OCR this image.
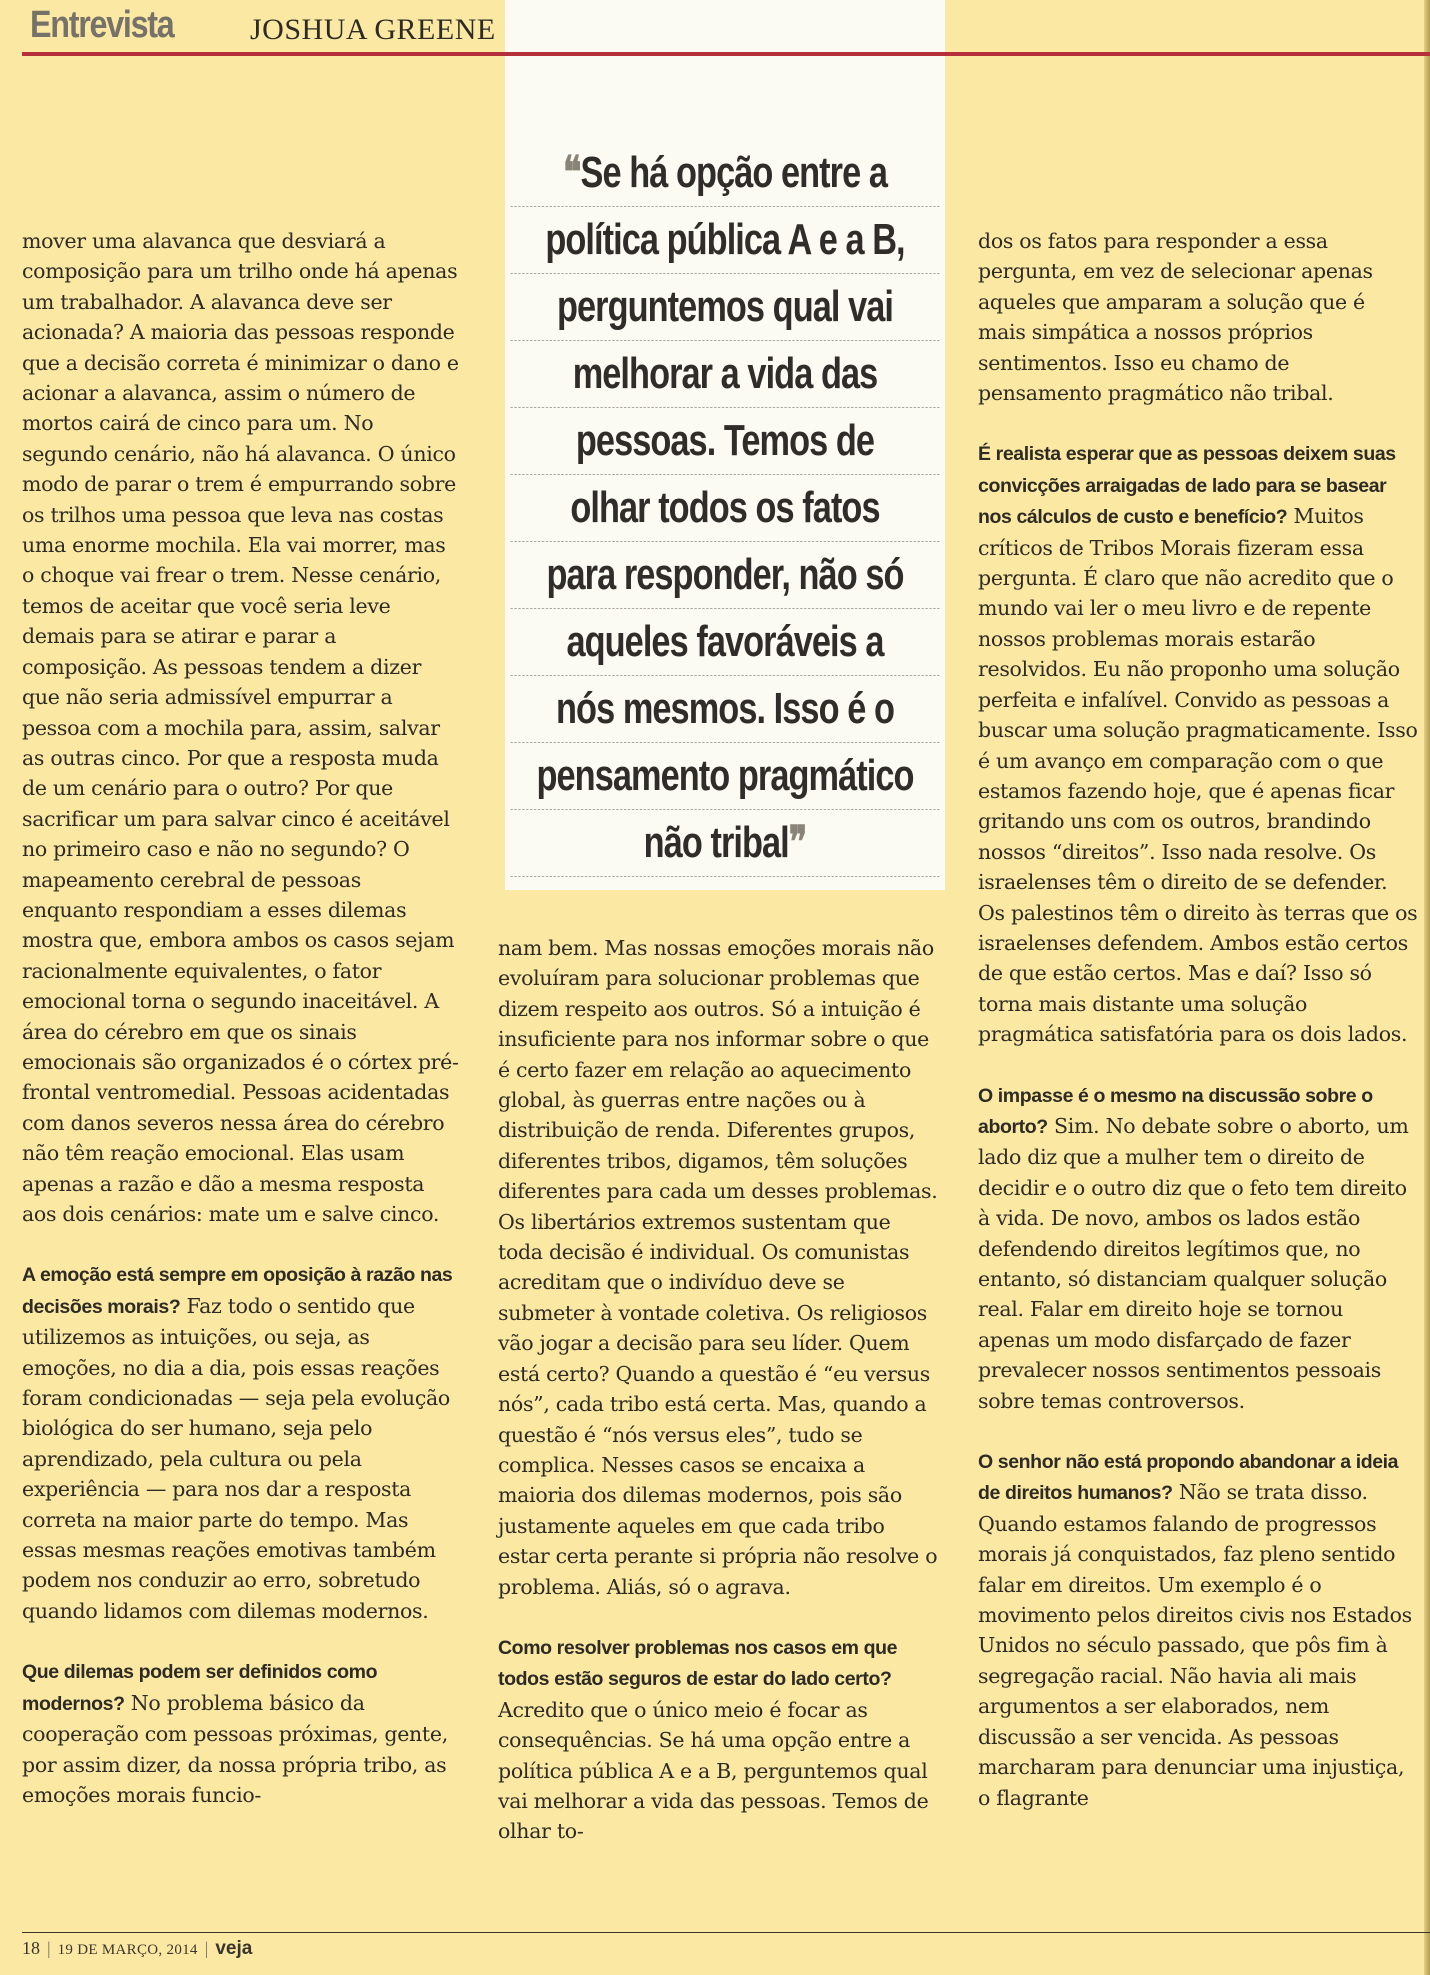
Entrevista	JOSHUA GREENE

mover uma alavanca que desviará a composição para um trilho onde há apenas um trabalhador. A alavanca deve ser acionada? A maioria das pessoas responde que a decisão correta é minimizar o dano e acionar a alavanca, assim o número de mortos cairá de cinco para um. No segundo cenário, não há alavanca. O único modo de parar o trem é empurrando sobre os trilhos uma pessoa que leva nas costas uma enorme mochila. Ela vai morrer, mas o choque vai frear o trem. Nesse cenário, temos de aceitar que você seria leve demais para se atirar e parar a composição. As pessoas tendem a dizer que não seria admissível empurrar a pessoa com a mochila para, assim, salvar as outras cinco. Por que a resposta muda de um cenário para o outro? Por que sacrificar um para salvar cinco é aceitável no primeiro caso e não no segundo? O mapeamento cerebral de pessoas enquanto respondiam a esses dilemas mostra que, embora ambos os casos sejam racionalmente equivalentes, o fator emocional torna o segundo inaceitável. A área do cérebro em que os sinais emocionais são organizados é o córtex pré-frontal ventromedial. Pessoas acidentadas com danos severos nessa área do cérebro não têm reação emocional. Elas usam apenas a razão e dão a mesma resposta aos dois cenários: mate um e salve cinco.

A emoção está sempre em oposição à razão nas decisões morais? Faz todo o sentido que utilizemos as intuições, ou seja, as emoções, no dia a dia, pois essas reações foram condicionadas — seja pela evolução biológica do ser humano, seja pelo aprendizado, pela cultura ou pela experiência — para nos dar a resposta correta na maior parte do tempo. Mas essas mesmas reações emotivas também podem nos conduzir ao erro, sobretudo quando lidamos com dilemas modernos.

Que dilemas podem ser definidos como modernos? No problema básico da cooperação com pessoas próximas, gente, por assim dizer, da nossa própria tribo, as emoções morais funcio-

❝Se há opção entre a
política pública A e a B,
perguntemos qual vai
melhorar a vida das
pessoas. Temos de
olhar todos os fatos
para responder, não só
aqueles favoráveis a
nós mesmos. Isso é o
pensamento pragmático
não tribal❞

nam bem. Mas nossas emoções morais não evoluíram para solucionar problemas que dizem respeito aos outros. Só a intuição é insuficiente para nos informar sobre o que é certo fazer em relação ao aquecimento global, às guerras entre nações ou à distribuição de renda. Diferentes grupos, diferentes tribos, digamos, têm soluções diferentes para cada um desses problemas. Os libertários extremos sustentam que toda decisão é individual. Os comunistas acreditam que o indivíduo deve se submeter à vontade coletiva. Os religiosos vão jogar a decisão para seu líder. Quem está certo? Quando a questão é “eu versus nós”, cada tribo está certa. Mas, quando a questão é “nós versus eles”, tudo se complica. Nesses casos se encaixa a maioria dos dilemas modernos, pois são justamente aqueles em que cada tribo estar certa perante si própria não resolve o problema. Aliás, só o agrava.

Como resolver problemas nos casos em que todos estão seguros de estar do lado certo? Acredito que o único meio é focar as consequências. Se há uma opção entre a política pública A e a B, perguntemos qual vai melhorar a vida das pessoas. Temos de olhar to-

dos os fatos para responder a essa pergunta, em vez de selecionar apenas aqueles que amparam a solução que é mais simpática a nossos próprios sentimentos. Isso eu chamo de pensamento pragmático não tribal.

É realista esperar que as pessoas deixem suas convicções arraigadas de lado para se basear nos cálculos de custo e benefício? Muitos críticos de Tribos Morais fizeram essa pergunta. É claro que não acredito que o mundo vai ler o meu livro e de repente nossos problemas morais estarão resolvidos. Eu não proponho uma solução perfeita e infalível. Convido as pessoas a buscar uma solução pragmaticamente. Isso é um avanço em comparação com o que estamos fazendo hoje, que é apenas ficar gritando uns com os outros, brandindo nossos “direitos”. Isso nada resolve. Os israelenses têm o direito de se defender. Os palestinos têm o direito às terras que os israelenses defendem. Ambos estão certos de que estão certos. Mas e daí? Isso só torna mais distante uma solução pragmática satisfatória para os dois lados.

O impasse é o mesmo na discussão sobre o aborto? Sim. No debate sobre o aborto, um lado diz que a mulher tem o direito de decidir e o outro diz que o feto tem direito à vida. De novo, ambos os lados estão defendendo direitos legítimos que, no entanto, só distanciam qualquer solução real. Falar em direito hoje se tornou apenas um modo disfarçado de fazer prevalecer nossos sentimentos pessoais sobre temas controversos.

O senhor não está propondo abandonar a ideia de direitos humanos? Não se trata disso. Quando estamos falando de progressos morais já conquistados, faz pleno sentido falar em direitos. Um exemplo é o movimento pelos direitos civis nos Estados Unidos no século passado, que pôs fim à segregação racial. Não havia ali mais argumentos a ser elaborados, nem discussão a ser vencida. As pessoas marcharam para denunciar uma injustiça, o flagrante

18 | 19 DE MARÇO, 2014 | veja
